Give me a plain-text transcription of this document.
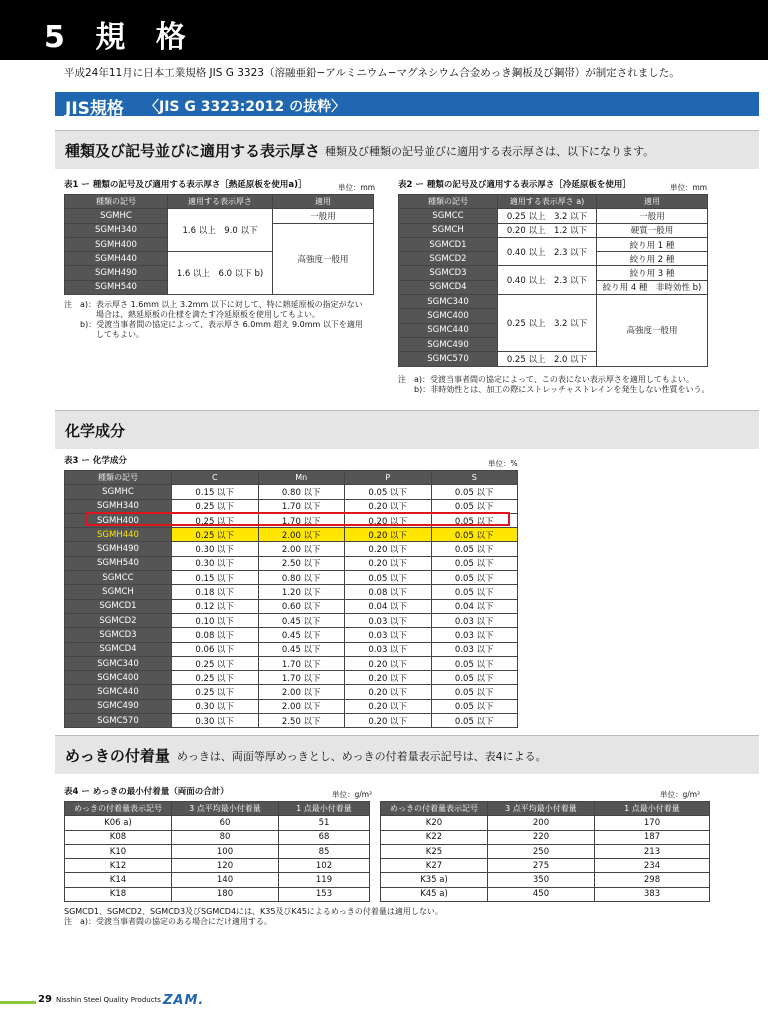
5 規 格
平成24年11月に日本工業規格 JIS G 3323（溶融亜鉛−アルミニウム−マグネシウム合金めっき鋼板及び鋼帯）が制定されました。
JIS規格 〈JIS G 3323:2012 の抜粋〉
種類及び記号並びに適用する表示厚さ 種類及び種類の記号並びに適用する表示厚さは、以下になります。
表1 ー 種類の記号及び適用する表示厚さ［熱延原板を使用a)］	単位：mm
種類の記号	適用する表示厚さ	適用
SGMHC	1.6 以上　9.0 以下	一般用
SGMH340		高強度一般用
SGMH400		
SGMH440	1.6 以上　6.0 以下 b)	
SGMH490		
SGMH540		
注　a)：表示厚さ 1.6mm 以上 3.2mm 以下に対して、特に熱延原板の指定がない
　　　　場合は、熱延原板の仕様を満たす冷延原板を使用してもよい。
　　b)：受渡当事者間の協定によって、表示厚さ 6.0mm 超え 9.0mm 以下を適用
　　　　してもよい。
表2 ー 種類の記号及び適用する表示厚さ［冷延原板を使用］	単位：mm
種類の記号	適用する表示厚さ a)	適用
SGMCC	0.25 以上　3.2 以下	一般用
SGMCH	0.20 以上　1.2 以下	硬質一般用
SGMCD1	0.40 以上　2.3 以下	絞り用 1 種
SGMCD2		絞り用 2 種
SGMCD3	0.40 以上　2.3 以下	絞り用 3 種
SGMCD4		絞り用 4 種　非時効性 b)
SGMC340	0.25 以上　3.2 以下	高強度一般用
SGMC400		
SGMC440		
SGMC490		
SGMC570	0.25 以上　2.0 以下	
注　a)：受渡当事者間の協定によって、この表にない表示厚さを適用してもよい。
　　b)：非時効性とは、加工の際にストレッチャストレインを発生しない性質をいう。
化学成分
表3 ー 化学成分	単位：%
種類の記号	C	Mn	P	S
SGMHC	0.15 以下	0.80 以下	0.05 以下	0.05 以下
SGMH340	0.25 以下	1.70 以下	0.20 以下	0.05 以下
SGMH400	0.25 以下	1.70 以下	0.20 以下	0.05 以下
SGMH440	0.25 以下	2.00 以下	0.20 以下	0.05 以下
SGMH490	0.30 以下	2.00 以下	0.20 以下	0.05 以下
SGMH540	0.30 以下	2.50 以下	0.20 以下	0.05 以下
SGMCC	0.15 以下	0.80 以下	0.05 以下	0.05 以下
SGMCH	0.18 以下	1.20 以下	0.08 以下	0.05 以下
SGMCD1	0.12 以下	0.60 以下	0.04 以下	0.04 以下
SGMCD2	0.10 以下	0.45 以下	0.03 以下	0.03 以下
SGMCD3	0.08 以下	0.45 以下	0.03 以下	0.03 以下
SGMCD4	0.06 以下	0.45 以下	0.03 以下	0.03 以下
SGMC340	0.25 以下	1.70 以下	0.20 以下	0.05 以下
SGMC400	0.25 以下	1.70 以下	0.20 以下	0.05 以下
SGMC440	0.25 以下	2.00 以下	0.20 以下	0.05 以下
SGMC490	0.30 以下	2.00 以下	0.20 以下	0.05 以下
SGMC570	0.30 以下	2.50 以下	0.20 以下	0.05 以下
めっきの付着量 めっきは、両面等厚めっきとし、めっきの付着量表示記号は、表4による。
表4 ー めっきの最小付着量（両面の合計）	単位：g/m²	単位：g/m²
めっきの付着量表示記号	3 点平均最小付着量	1 点最小付着量
K06 a)	60	51
K08	80	68
K10	100	85
K12	120	102
K14	140	119
K18	180	153
めっきの付着量表示記号	3 点平均最小付着量	1 点最小付着量
K20	200	170
K22	220	187
K25	250	213
K27	275	234
K35 a)	350	298
K45 a)	450	383
SGMCD1、SGMCD2、SGMCD3及びSGMCD4には、K35及びK45によるめっきの付着量は適用しない。
注　a)：受渡当事者間の協定のある場合にだけ適用する。
29 Nisshin Steel Quality Products ZAM.
